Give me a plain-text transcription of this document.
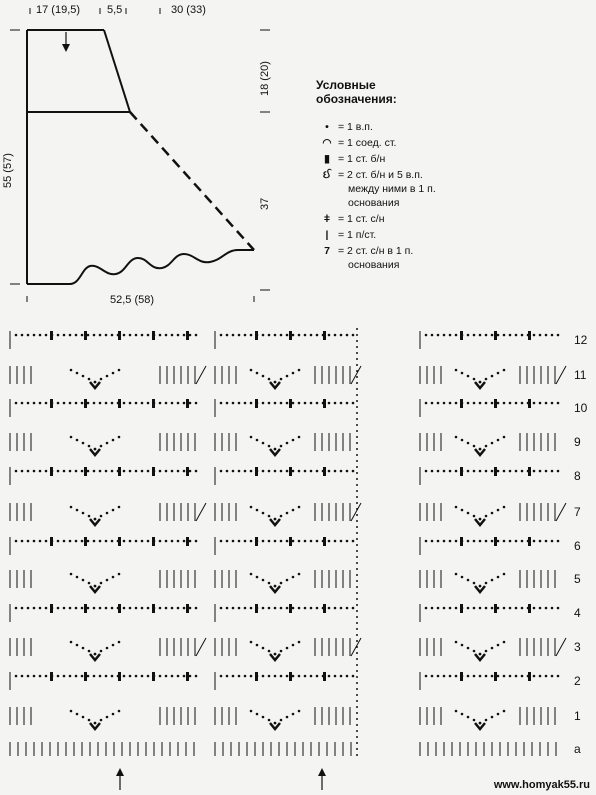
17 (19,5) 5,5	30 (33)
18 (20)
37
55 (57)
52,5 (58)
Условные
обозначения:
• = 1 в.п.
◠ = 1 соед. ст.
▮ = 1 ст. б/н
ઈ = 2 ст. б/н и 5 в.п.
между ними в 1 п.
основания
ǂ = 1 ст. с/н
| = 1 п/ст.
7 = 2 ст. с/н в 1 п.
основания
12
11
10
9
8
7
6
5
4
3
2
1
а
www.homyak55.ru
